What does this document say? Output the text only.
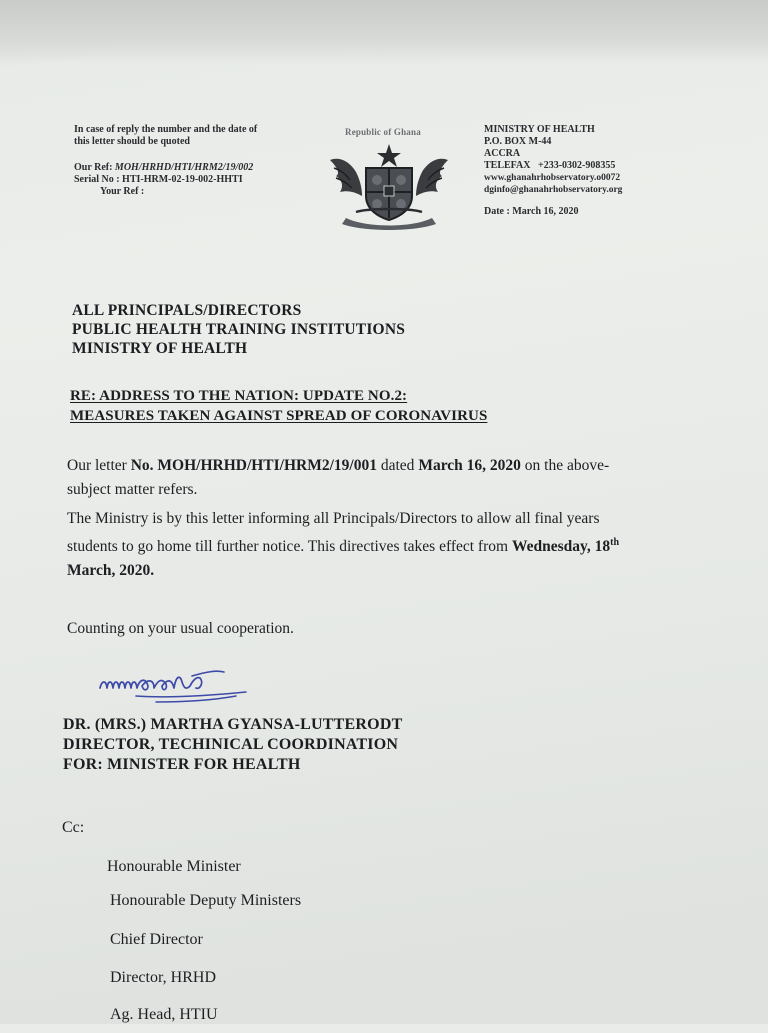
In case of reply the number and the date of
this letter should be quoted
Our Ref: MOH/HRHD/HTI/HRM2/19/002
Serial No : HTI-HRM-02-19-002-HHTI
Your Ref :
Republic of Ghana	MINISTRY OF HEALTH
P.O. BOX M-44
ACCRA
TELEFAX   +233-0302-908355
www.ghanahrhobservatory.o0072
dginfo@ghanahrhobservatory.org
Date : March 16, 2020
ALL PRINCIPALS/DIRECTORS
PUBLIC HEALTH TRAINING INSTITUTIONS
MINISTRY OF HEALTH
RE: ADDRESS TO THE NATION: UPDATE NO.2:
MEASURES TAKEN AGAINST SPREAD OF CORONAVIRUS
Our letter No. MOH/HRHD/HTI/HRM2/19/001 dated March 16, 2020 on the above-
subject matter refers.
The Ministry is by this letter informing all Principals/Directors to allow all final years
students to go home till further notice. This directives takes effect from Wednesday, 18th
March, 2020.
Counting on your usual cooperation.
DR. (MRS.) MARTHA GYANSA-LUTTERODT
DIRECTOR, TECHINICAL COORDINATION
FOR: MINISTER FOR HEALTH
Cc:
Honourable Minister
Honourable Deputy Ministers
Chief Director
Director, HRHD
Ag. Head, HTIU
